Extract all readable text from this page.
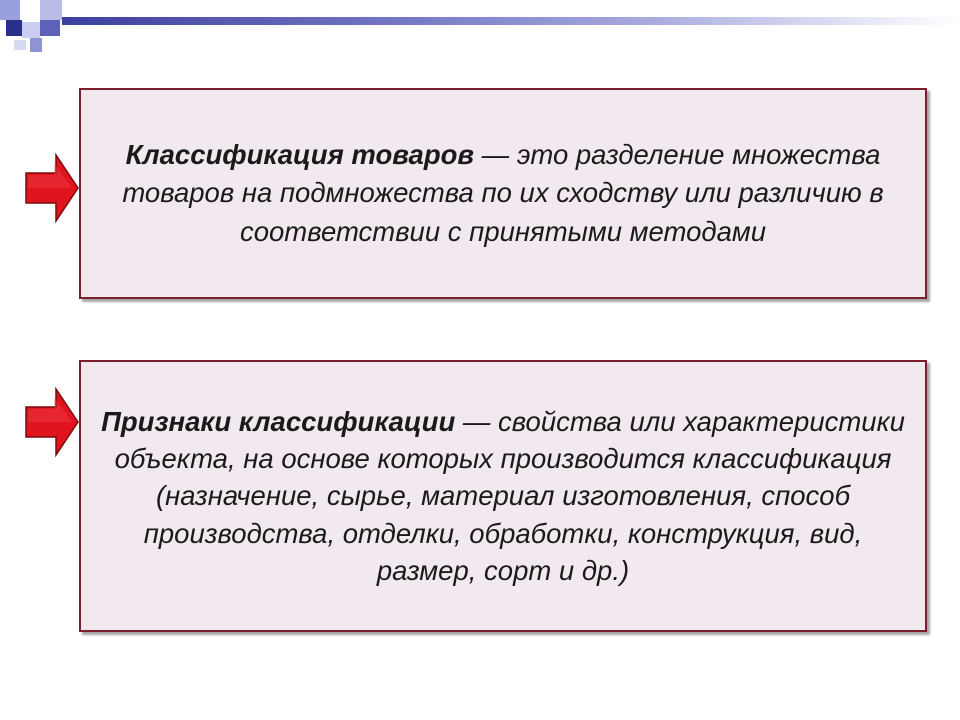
Классификация товаров — это разделение множества товаров на подмножества по их сходству или различию в соответствии с принятыми методами
Признаки классификации — свойства или характеристики объекта, на основе которых производится классификация (назначение, сырье, материал изготовления, способ производства, отделки, обработки, конструкция, вид, размер, сорт и др.)
